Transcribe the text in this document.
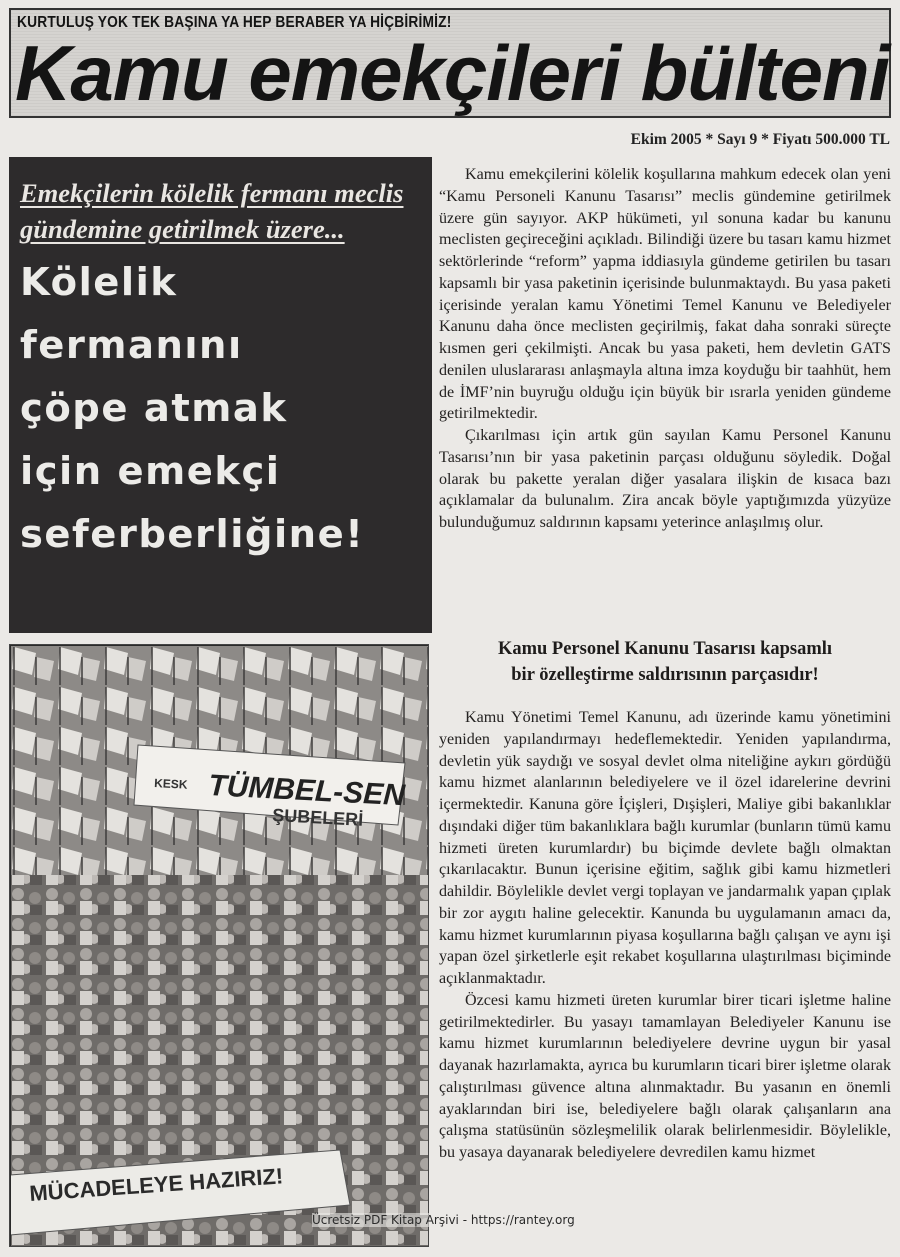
KURTULUŞ YOK TEK BAŞINA YA HEP BERABER YA HİÇBİRİMİZ!
Kamu emekçileri bülteni
Ekim 2005 * Sayı 9 * Fiyatı 500.000 TL
Emekçilerin kölelik fermanı meclis gündemine getirilmek üzere...
Kölelik
fermanını
çöpe atmak
için emekçi
seferberliğine!
KESK TÜMBEL-SEN
ŞUBELERİ
MÜCADELEYE HAZIRIZ!

Kamu emekçilerini kölelik koşullarına mahkum edecek olan yeni “Kamu Personeli Kanunu Tasarısı” meclis gündemine getirilmek üzere gün sayıyor. AKP hükümeti, yıl sonuna kadar bu kanunu meclisten geçireceğini açıkladı. Bilindiği üzere bu tasarı kamu hizmet sektörlerinde “reform” yapma iddiasıyla gündeme getirilen bu tasarı kapsamlı bir yasa paketinin içerisinde bulunmaktaydı. Bu yasa paketi içerisinde yeralan kamu Yönetimi Temel Kanunu ve Belediyeler Kanunu daha önce meclisten geçirilmiş, fakat daha sonraki süreçte kısmen geri çekilmişti. Ancak bu yasa paketi, hem devletin GATS denilen uluslararası anlaşmayla altına imza koyduğu bir taahhüt, hem de İMF’nin buyruğu olduğu için büyük bir ısrarla yeniden gündeme getirilmektedir.

Çıkarılması için artık gün sayılan Kamu Personel Kanunu Tasarısı’nın bir yasa paketinin parçası olduğunu söyledik. Doğal olarak bu pakette yeralan diğer yasalara ilişkin de kısaca bazı açıklamalar da bulunalım. Zira ancak böyle yaptığımızda yüzyüze bulunduğumuz saldırının kapsamı yeterince anlaşılmış olur.

Kamu Personel Kanunu Tasarısı kapsamlı
bir özelleştirme saldırısının parçasıdır!

Kamu Yönetimi Temel Kanunu, adı üzerinde kamu yönetimini yeniden yapılandırmayı hedeflemektedir. Yeniden yapılandırma, devletin yük saydığı ve sosyal devlet olma niteliğine aykırı gördüğü kamu hizmet alanlarının belediyelere ve il özel idarelerine devrini içermektedir. Kanuna göre İçişleri, Dışişleri, Maliye gibi bakanlıklar dışındaki diğer tüm bakanlıklara bağlı kurumlar (bunların tümü kamu hizmeti üreten kurumlardır) bu biçimde devlete bağlı olmaktan çıkarılacaktır. Bunun içerisine eğitim, sağlık gibi kamu hizmetleri dahildir. Böylelikle devlet vergi toplayan ve jandarmalık yapan çıplak bir zor aygıtı haline gelecektir. Kanunda bu uygulamanın amacı da, kamu hizmet kurumlarının piyasa koşullarına bağlı çalışan ve aynı işi yapan özel şirketlerle eşit rekabet koşullarına ulaştırılması biçiminde açıklanmaktadır.

Özcesi kamu hizmeti üreten kurumlar birer ticari işletme haline getirilmektedirler. Bu yasayı tamamlayan Belediyeler Kanunu ise kamu hizmet kurumlarının belediyelere devrine uygun bir yasal dayanak hazırlamakta, ayrıca bu kurumların ticari birer işletme olarak çalıştırılması güvence altına alınmaktadır. Bu yasanın en önemli ayaklarından biri ise, belediyelere bağlı olarak çalışanların ana çalışma statüsünün sözleşmelilik olarak belirlenmesidir. Böylelikle, bu yasaya dayanarak belediyelere devredilen kamu hizmet

Ücretsiz PDF Kitap Arşivi - https://rantey.org
